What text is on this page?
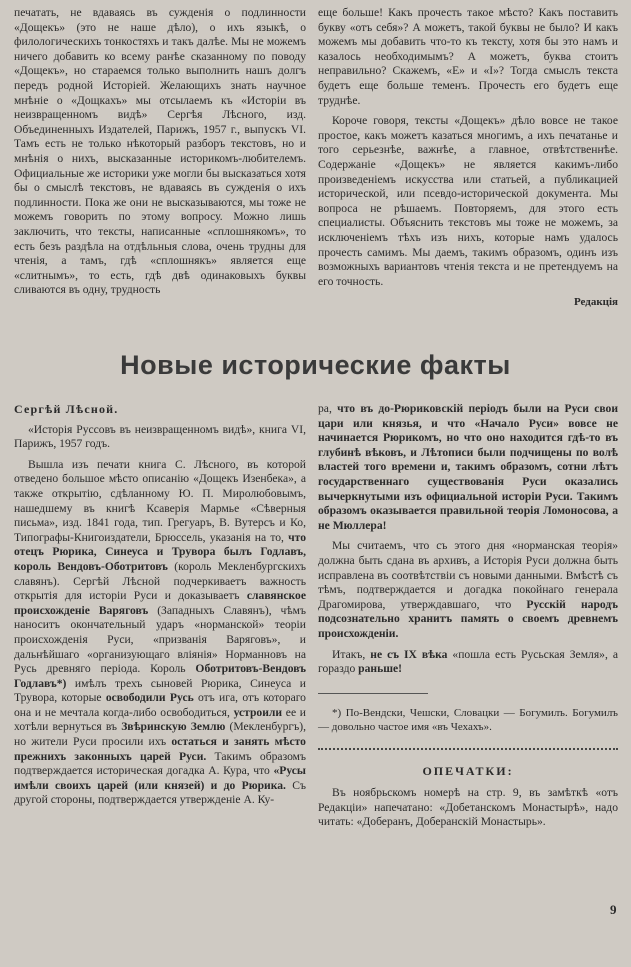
печатать, не вдаваясь въ сужденія о подлинности «Дощекъ» (это не наше дѣло), о ихъ языкѣ, о филологическихъ тонкостяхъ и такъ далѣе. Мы не можемъ ничего добавить ко всему ранѣе сказанному по поводу «Дощекъ», но стараемся только выполнить нашъ долгъ передъ родной Исторіей. Желающихъ знать научное мнѣніе о «Дощкахъ» мы отсылаемъ къ «Исторіи въ неизвращенномъ видѣ» Сергѣя Лѣсного, изд. Объединенныхъ Издателей, Парижъ, 1957 г., выпускъ VI. Тамъ есть не только нѣкоторый разборъ текстовъ, но и мнѣнія о нихъ, высказанные историкомъ-любителемъ. Официальные же историки уже могли бы высказаться хотя бы о смыслѣ текстовъ, не вдаваясь въ сужденія о ихъ подлинности. Пока же они не высказываются, мы тоже не можемъ говорить по этому вопросу. Можно лишь заключить, что тексты, написанные «сплошнякомъ», то есть безъ раздѣла на отдѣльныя слова, очень трудны для чтенія, а тамъ, гдѣ «сплошнякъ» является еще «слитнымъ», то есть, гдѣ двѣ одинаковыхъ буквы сливаются въ одну, трудность

еще большe! Какъ прочесть такое мѣсто? Какъ поставить букву «отъ себя»? А можетъ, такой буквы не было? И какъ можемъ мы добавить что-то къ тексту, хотя бы это намъ и казалось необходимымъ? А можетъ, буква стоитъ неправильно? Скажемъ, «Е» и «І»? Тогда смыслъ текста будетъ еще больше теменъ. Прочесть его будетъ еще труднѣе.

Короче говоря, тексты «Дощекъ» дѣло вовсе не такое простое, какъ можетъ казаться многимъ, а ихъ печатанье и того серьезнѣе, важнѣе, а главное, отвѣтственнѣе. Содержаніе «Дощекъ» не является какимъ-либо произведеніемъ искусства или статьей, а публикацией исторической, или псевдо-исторической документа. Мы вопроса не рѣшаемъ. Повторяемъ, для этого есть специалисты. Объяснить текстовъ мы тоже не можемъ, за исключеніемъ тѣхъ изъ нихъ, которые намъ удалось прочесть самимъ. Мы даемъ, такимъ образомъ, одинъ изъ возможныхъ вариантовъ чтенія текста и не претендуемъ на его точность.

Редакція
Новые исторические факты

Сергѣй Лѣсной.

«Исторія Руссовъ въ неизвращенномъ видѣ», книга VI, Парижъ, 1957 годъ.

Вышла изъ печати книга С. Лѣсного, въ которой отведено большое мѣсто описанію «Дощекъ Изенбека», а также открытію, сдѣланному Ю. П. Миролюбовымъ, нашедшему въ книгѣ Ксаверія Мармье «Сѣверныя письма», изд. 1841 года, тип. Грегуаръ, В. Вутерсъ и Ко, Типографы-Книгоиздатели, Брюссель, указанія на то, что отецъ Рюрика, Синеуса и Трувора былъ Годлавъ, король Вендовъ-Оботритовъ (король Мекленбургскихъ славянъ). Сергѣй Лѣсной подчеркиваетъ важность открытія для исторіи Руси и доказываетъ славянское происхожденіе Варяговъ (Западныхъ Славянъ), чѣмъ наноситъ окончательный ударъ «норманской» теоріи происхожденія Руси, «призванія Варяговъ», и дальнѣйшаго «организующаго вліянія» Норманновъ на Русь древняго періода. Король Оботритовъ-Вендовъ Годлавъ*) имѣлъ трехъ сыновей Рюрика, Синеуса и Трувора, которые освободили Русь отъ ига, отъ котораго она и не мечтала когда-либо освободиться, устроили ее и хотѣли вернуться въ Звѣринскую Землю (Мекленбургъ), но жители Руси просили ихъ остаться и занять мѣсто прежнихъ законныхъ царей Руси. Такимъ образомъ подтверждается историческая догадка А. Кура, что «Русы имѣли своихъ царей (или князей) и до Рюрика. Съ другой стороны, подтверждается утвержденіе А. Ку-

ра, что въ до-Рюриковскій періодъ были на Руси свои цари или князья, и что «Начало Руси» вовсе не начинается Рюрикомъ, но что оно находится гдѣ-то въ глубинѣ вѣковъ, и Лѣтописи были подчищены по волѣ властей того времени и, такимъ образомъ, сотни лѣтъ государственнаго существованія Руси оказались вычеркнутыми изъ официальной исторіи Руси. Такимъ образомъ оказывается правильной теорія Ломоносова, а не Мюллера!

Мы считаемъ, что съ этого дня «норманская теорія» должна быть сдана въ архивъ, а Исторія Руси должна быть исправлена въ соотвѣтствіи съ новыми данными. Вмѣстѣ съ тѣмъ, подтверждается и догадка покойнаго генерала Драгомирова, утверждавшаго, что Русскій народъ подсознательно хранитъ память о своемъ древнемъ происхожденіи.

Итакъ, не съ IX вѣка «пошла есть Русьская Земля», а гораздо раньше!

*) По-Вендски, Чешски, Словацки — Богумилъ. Богумилъ — довольно частое имя «въ Чехахъ».

ОПЕЧАТКИ:

Въ ноябрьскомъ номерѣ на стр. 9, въ замѣткѣ «отъ Редакціи» напечатано: «Добетанскомъ Монастырѣ», надо читать: «Доберанъ, Доберанскій Монастырь».

9
